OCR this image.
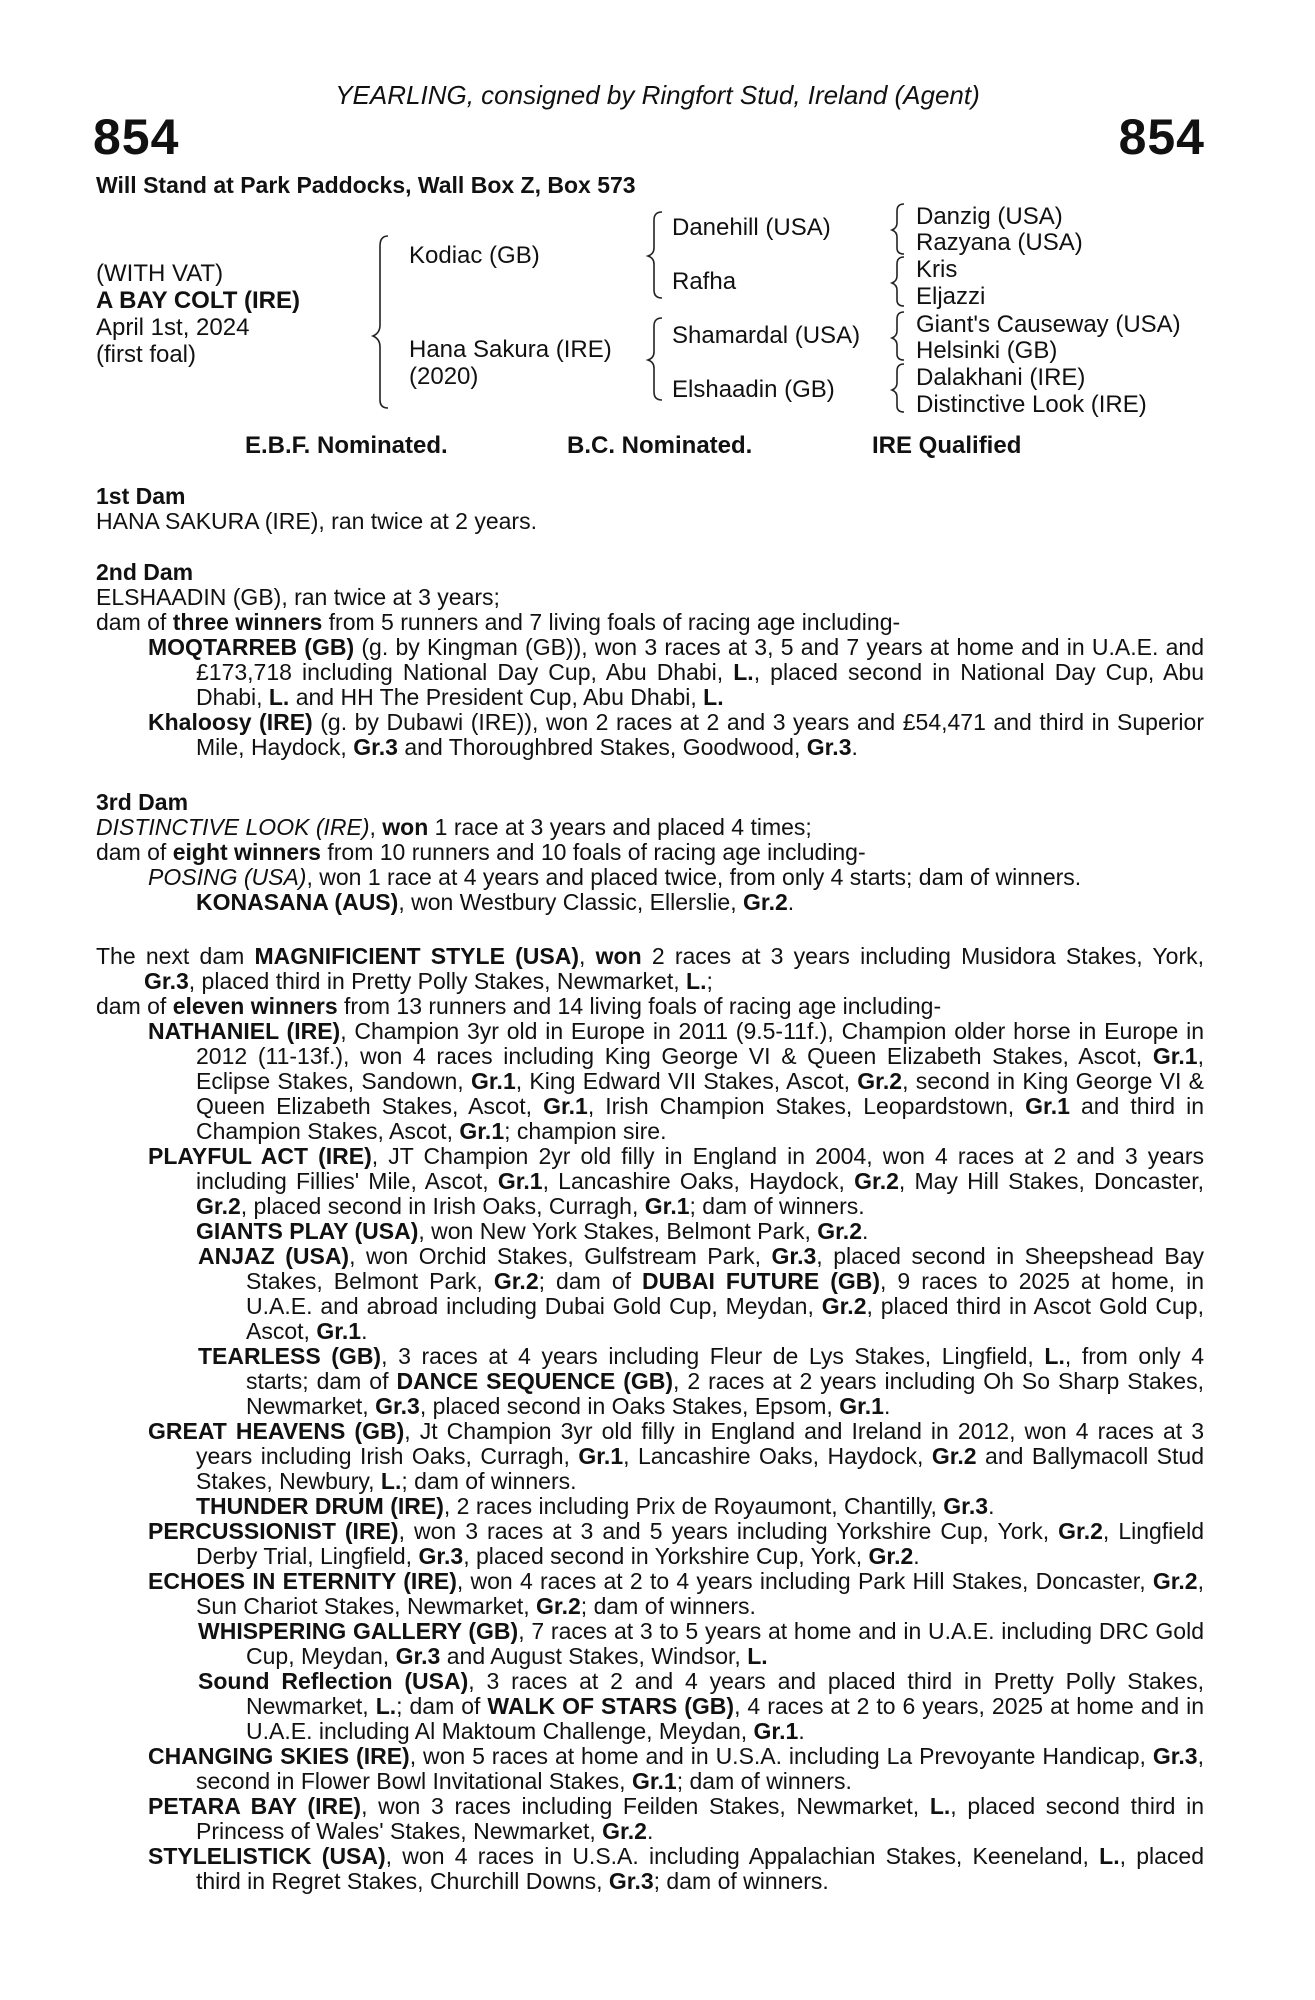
YEARLING, consigned by Ringfort Stud, Ireland (Agent)
854	854
Will Stand at Park Paddocks, Wall Box Z, Box 573
(WITH VAT)
A BAY COLT (IRE)
April 1st, 2024
(first foal)
Kodiac (GB)
Hana Sakura (IRE)
(2020)
Danehill (USA)
Rafha
Shamardal (USA)
Elshaadin (GB)
Danzig (USA)
Razyana (USA)
Kris
Eljazzi
Giant's Causeway (USA)
Helsinki (GB)
Dalakhani (IRE)
Distinctive Look (IRE)
E.B.F. Nominated.	B.C. Nominated.	IRE Qualified

1st Dam

HANA SAKURA (IRE), ran twice at 2 years.

2nd Dam

ELSHAADIN (GB), ran twice at 3 years;

dam of three winners from 5 runners and 7 living foals of racing age including-

MOQTARREB (GB) (g. by Kingman (GB)), won 3 races at 3, 5 and 7 years at home and in U.A.E. and £173,718 including National Day Cup, Abu Dhabi, L., placed second in National Day Cup, Abu Dhabi, L. and HH The President Cup, Abu Dhabi, L.

Khaloosy (IRE) (g. by Dubawi (IRE)), won 2 races at 2 and 3 years and £54,471 and third in Superior Mile, Haydock, Gr.3 and Thoroughbred Stakes, Goodwood, Gr.3.

3rd Dam

DISTINCTIVE LOOK (IRE), won 1 race at 3 years and placed 4 times;

dam of eight winners from 10 runners and 10 foals of racing age including-

POSING (USA), won 1 race at 4 years and placed twice, from only 4 starts; dam of winners.

KONASANA (AUS), won Westbury Classic, Ellerslie, Gr.2.

The next dam MAGNIFICIENT STYLE (USA), won 2 races at 3 years including Musidora Stakes, York, Gr.3, placed third in Pretty Polly Stakes, Newmarket, L.;

dam of eleven winners from 13 runners and 14 living foals of racing age including-

NATHANIEL (IRE), Champion 3yr old in Europe in 2011 (9.5-11f.), Champion older horse in Europe in 2012 (11-13f.), won 4 races including King George VI & Queen Elizabeth Stakes, Ascot, Gr.1, Eclipse Stakes, Sandown, Gr.1, King Edward VII Stakes, Ascot, Gr.2, second in King George VI & Queen Elizabeth Stakes, Ascot, Gr.1, Irish Champion Stakes, Leopardstown, Gr.1 and third in Champion Stakes, Ascot, Gr.1; champion sire.

PLAYFUL ACT (IRE), JT Champion 2yr old filly in England in 2004, won 4 races at 2 and 3 years including Fillies' Mile, Ascot, Gr.1, Lancashire Oaks, Haydock, Gr.2, May Hill Stakes, Doncaster, Gr.2, placed second in Irish Oaks, Curragh, Gr.1; dam of winners.

GIANTS PLAY (USA), won New York Stakes, Belmont Park, Gr.2.

ANJAZ (USA), won Orchid Stakes, Gulfstream Park, Gr.3, placed second in Sheepshead Bay Stakes, Belmont Park, Gr.2; dam of DUBAI FUTURE (GB), 9 races to 2025 at home, in U.A.E. and abroad including Dubai Gold Cup, Meydan, Gr.2, placed third in Ascot Gold Cup, Ascot, Gr.1.

TEARLESS (GB), 3 races at 4 years including Fleur de Lys Stakes, Lingfield, L., from only 4 starts; dam of DANCE SEQUENCE (GB), 2 races at 2 years including Oh So Sharp Stakes, Newmarket, Gr.3, placed second in Oaks Stakes, Epsom, Gr.1.

GREAT HEAVENS (GB), Jt Champion 3yr old filly in England and Ireland in 2012, won 4 races at 3 years including Irish Oaks, Curragh, Gr.1, Lancashire Oaks, Haydock, Gr.2 and Ballymacoll Stud Stakes, Newbury, L.; dam of winners.

THUNDER DRUM (IRE), 2 races including Prix de Royaumont, Chantilly, Gr.3.

PERCUSSIONIST (IRE), won 3 races at 3 and 5 years including Yorkshire Cup, York, Gr.2, Lingfield Derby Trial, Lingfield, Gr.3, placed second in Yorkshire Cup, York, Gr.2.

ECHOES IN ETERNITY (IRE), won 4 races at 2 to 4 years including Park Hill Stakes, Doncaster, Gr.2, Sun Chariot Stakes, Newmarket, Gr.2; dam of winners.

WHISPERING GALLERY (GB), 7 races at 3 to 5 years at home and in U.A.E. including DRC Gold Cup, Meydan, Gr.3 and August Stakes, Windsor, L.

Sound Reflection (USA), 3 races at 2 and 4 years and placed third in Pretty Polly Stakes, Newmarket, L.; dam of WALK OF STARS (GB), 4 races at 2 to 6 years, 2025 at home and in U.A.E. including Al Maktoum Challenge, Meydan, Gr.1.

CHANGING SKIES (IRE), won 5 races at home and in U.S.A. including La Prevoyante Handicap, Gr.3, second in Flower Bowl Invitational Stakes, Gr.1; dam of winners.

PETARA BAY (IRE), won 3 races including Feilden Stakes, Newmarket, L., placed second third in Princess of Wales' Stakes, Newmarket, Gr.2.

STYLELISTICK (USA), won 4 races in U.S.A. including Appalachian Stakes, Keeneland, L., placed third in Regret Stakes, Churchill Downs, Gr.3; dam of winners.
